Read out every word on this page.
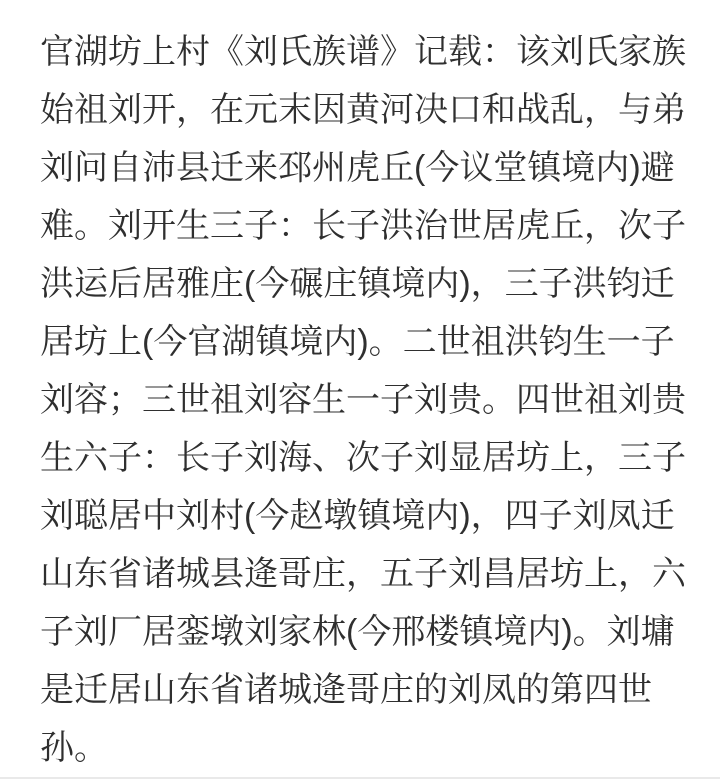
官湖坊上村《刘氏族谱》记载：该刘氏家族
始祖刘开，在元末因黄河决口和战乱，与弟
刘问自沛县迁来邳州虎丘(今议堂镇境内)避
难。刘开生三子：长子洪治世居虎丘，次子
洪运后居雅庄(今碾庄镇境内)，三子洪钧迁
居坊上(今官湖镇境内)。二世祖洪钧生一子
刘容；三世祖刘容生一子刘贵。四世祖刘贵
生六子：长子刘海、次子刘显居坊上，三子
刘聪居中刘村(今赵墩镇境内)，四子刘凤迁
山东省诸城县逄哥庄，五子刘昌居坊上，六
子刘厂居銮墩刘家林(今邢楼镇境内)。刘墉
是迁居山东省诸城逄哥庄的刘凤的第四世
孙。
